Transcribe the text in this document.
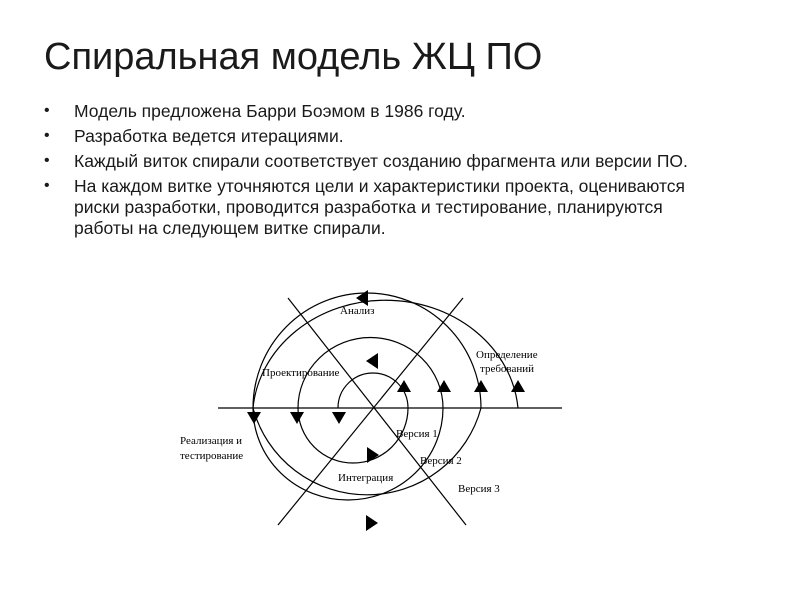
Спиральная модель ЖЦ ПО
• Модель предложена Барри Боэмом в 1986 году.
• Разработка ведется итерациями.
• Каждый виток спирали соответствует созданию фрагмента или версии ПО.
• На каждом витке уточняются цели и характеристики проекта, оцениваются риски разработки, проводится разработка и тестирование, планируются работы на следующем витке спирали.
Анализ
Определение
требований
Проектирование
Реализация и
тестирование
Интеграция
Версия 1
Версия 2
Версия 3
